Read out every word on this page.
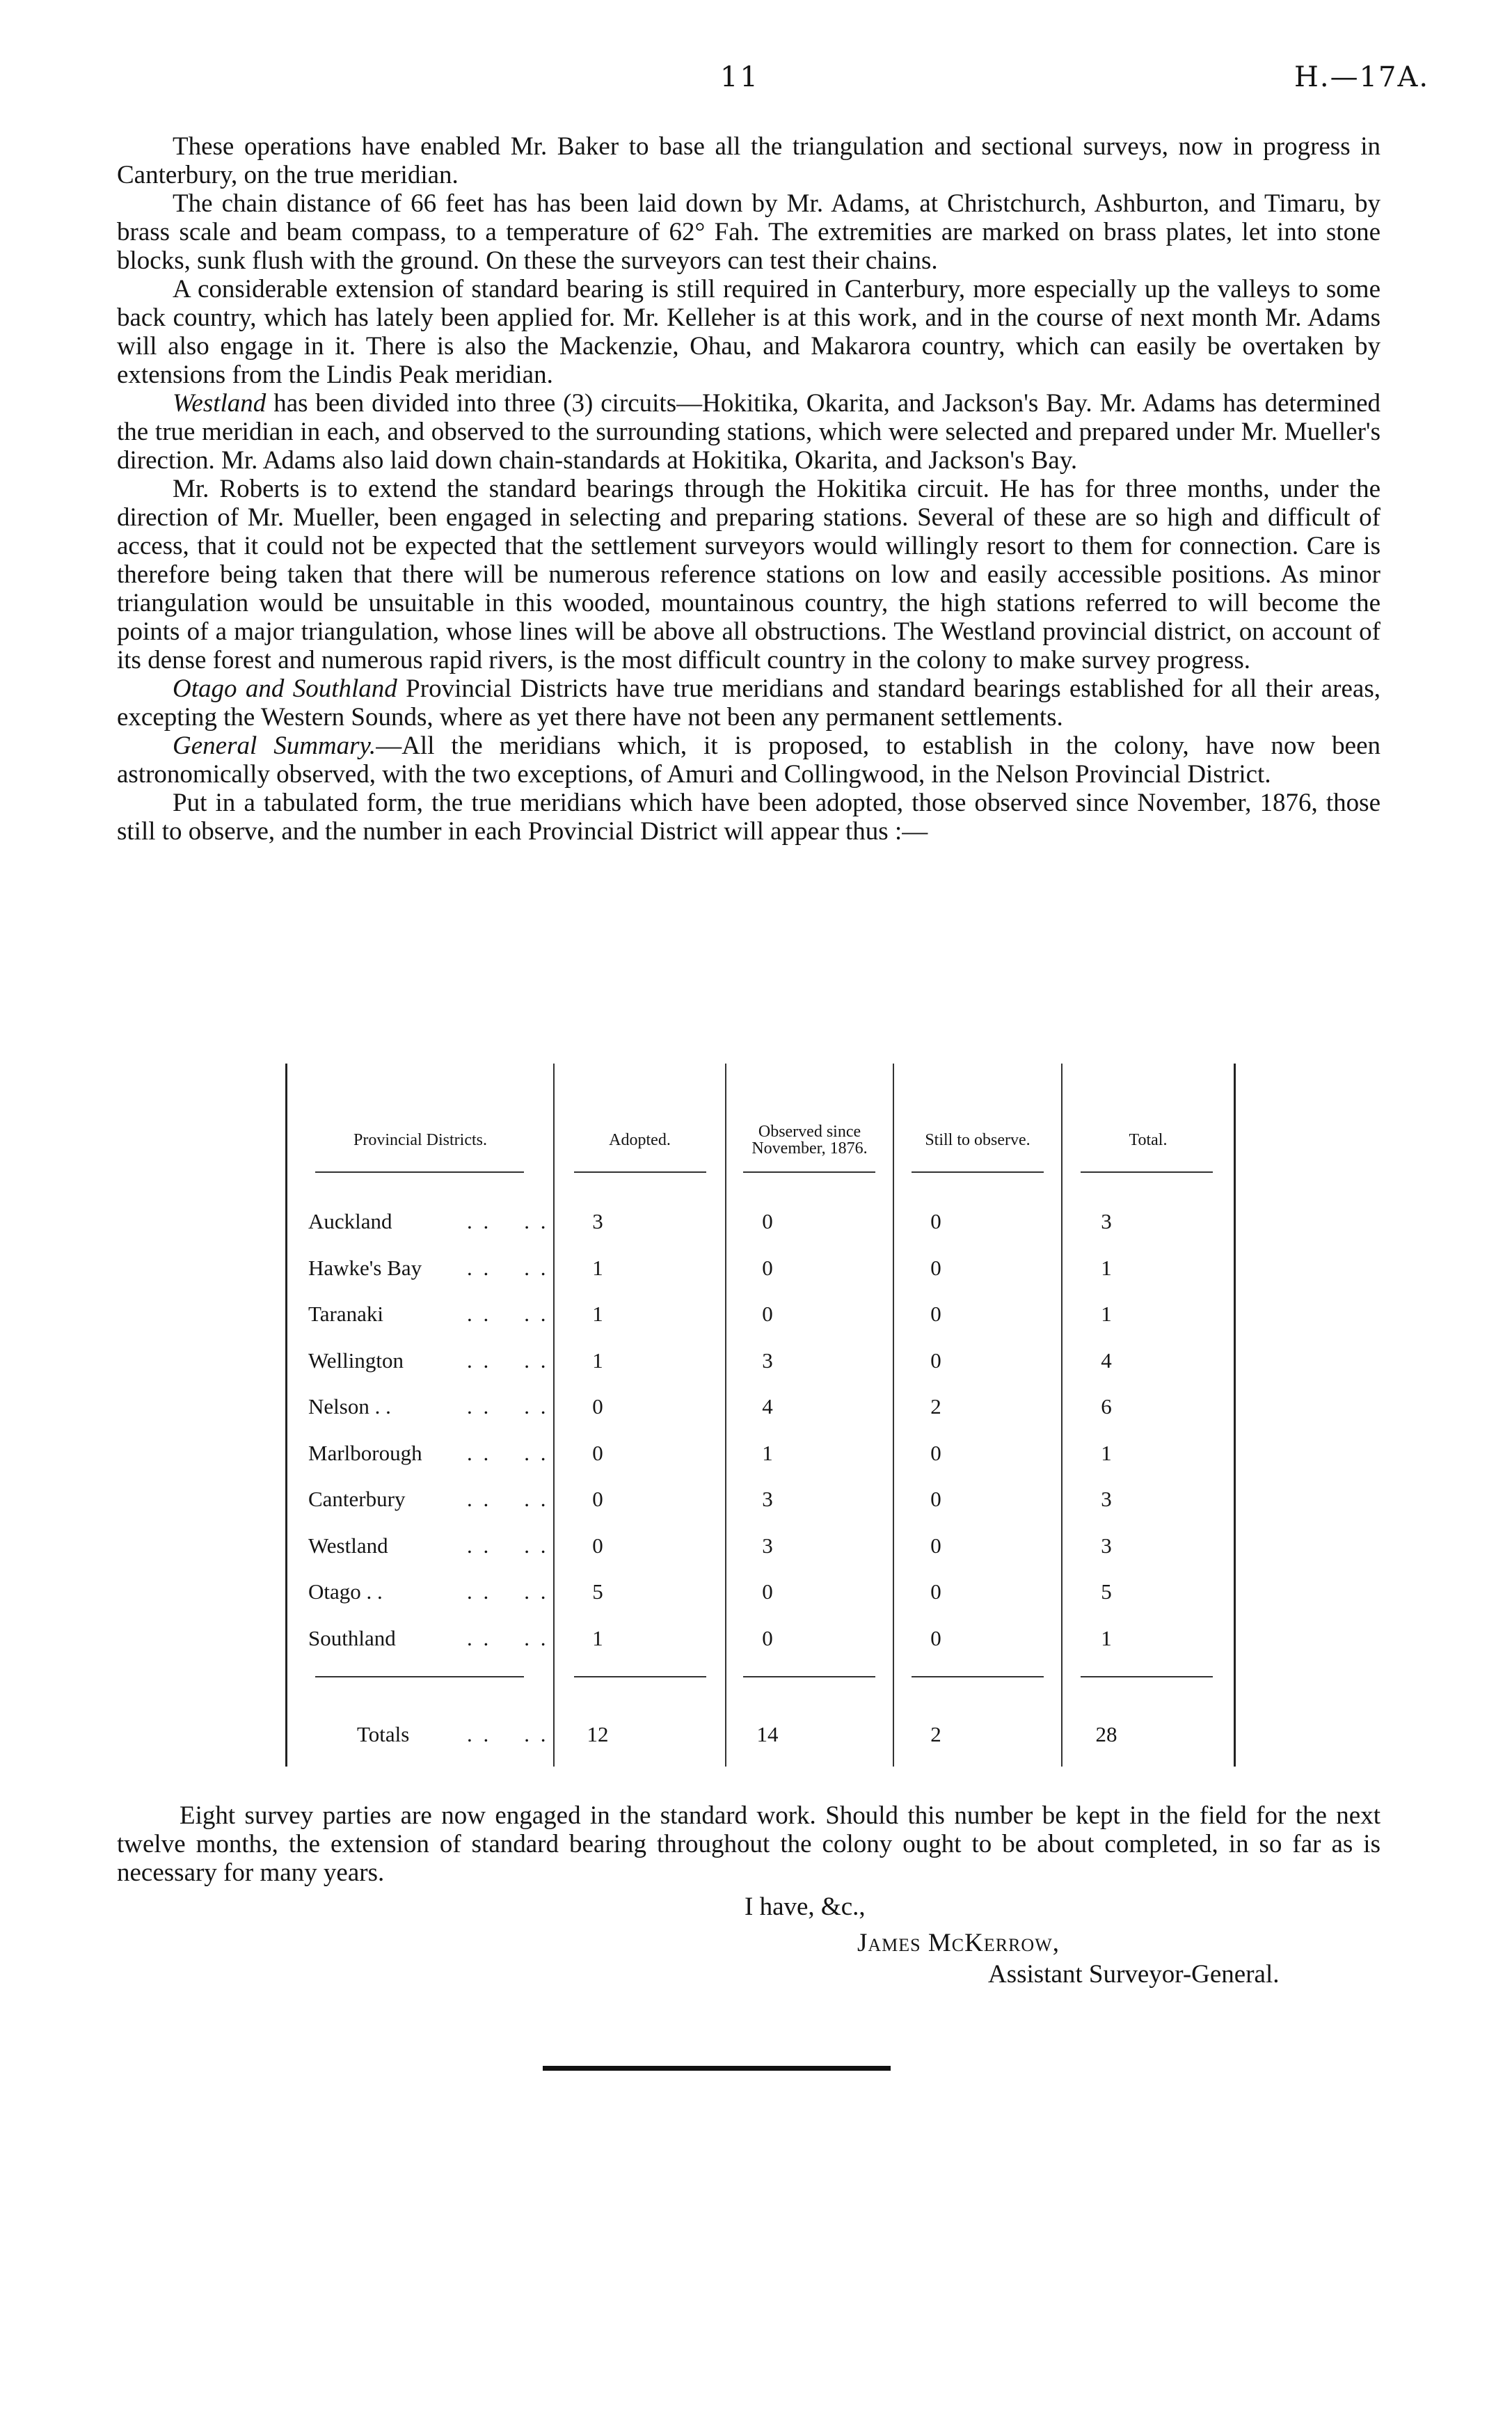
11	H.—17A.

These operations have enabled Mr. Baker to base all the triangulation and sectional surveys, now in progress in Canterbury, on the true meridian.

The chain distance of 66 feet has has been laid down by Mr. Adams, at Christchurch, Ashburton, and Timaru, by brass scale and beam compass, to a temperature of 62° Fah. The extremities are marked on brass plates, let into stone blocks, sunk flush with the ground. On these the surveyors can test their chains.

A considerable extension of standard bearing is still required in Canterbury, more especially up the valleys to some back country, which has lately been applied for. Mr. Kelleher is at this work, and in the course of next month Mr. Adams will also engage in it. There is also the Mackenzie, Ohau, and Makarora country, which can easily be overtaken by extensions from the Lindis Peak meridian.

Westland has been divided into three (3) circuits—Hokitika, Okarita, and Jackson's Bay. Mr. Adams has determined the true meridian in each, and observed to the surrounding stations, which were selected and prepared under Mr. Mueller's direction. Mr. Adams also laid down chain-standards at Hokitika, Okarita, and Jackson's Bay.

Mr. Roberts is to extend the standard bearings through the Hokitika circuit. He has for three months, under the direction of Mr. Mueller, been engaged in selecting and preparing stations. Several of these are so high and difficult of access, that it could not be expected that the settlement surveyors would willingly resort to them for connection. Care is therefore being taken that there will be numerous reference stations on low and easily accessible positions. As minor triangulation would be unsuitable in this wooded, mountainous country, the high stations referred to will become the points of a major triangulation, whose lines will be above all obstructions. The Westland provincial district, on account of its dense forest and numerous rapid rivers, is the most difficult country in the colony to make survey progress.

Otago and Southland Provincial Districts have true meridians and standard bearings established for all their areas, excepting the Western Sounds, where as yet there have not been any permanent settlements.

General Summary.—All the meridians which, it is proposed, to establish in the colony, have now been astronomically observed, with the two exceptions, of Amuri and Collingwood, in the Nelson Provincial District.

Put in a tabulated form, the true meridians which have been adopted, those observed since November, 1876, those still to observe, and the number in each Provincial District will appear thus :—

Provincial Districts.	Adopted.	Observed since November, 1876.	Still to observe.	Total.
Auckland	. .    . .	3	0	0	3
Hawke's Bay . .    . .	1	0	0	1
Taranaki	. .    . .	1	0	0	1
Wellington	. .    . .	1	3	0	4
Nelson . .	. .    . .	0	4	2	6
Marlborough . .    . .	0	1	0	1
Canterbury	. .    . .	0	3	0	3
Westland	. .    . .	0	3	0	3
Otago . .	. .    . .	5	0	0	5
Southland	. .    . .	1	0	0	1
Totals	. .    . .	12	14	2	28

Eight survey parties are now engaged in the standard work. Should this number be kept in the field for the next twelve months, the extension of standard bearing throughout the colony ought to be about completed, in so far as is necessary for many years.

I have, &c.,
James McKerrow,
Assistant Surveyor-General.
